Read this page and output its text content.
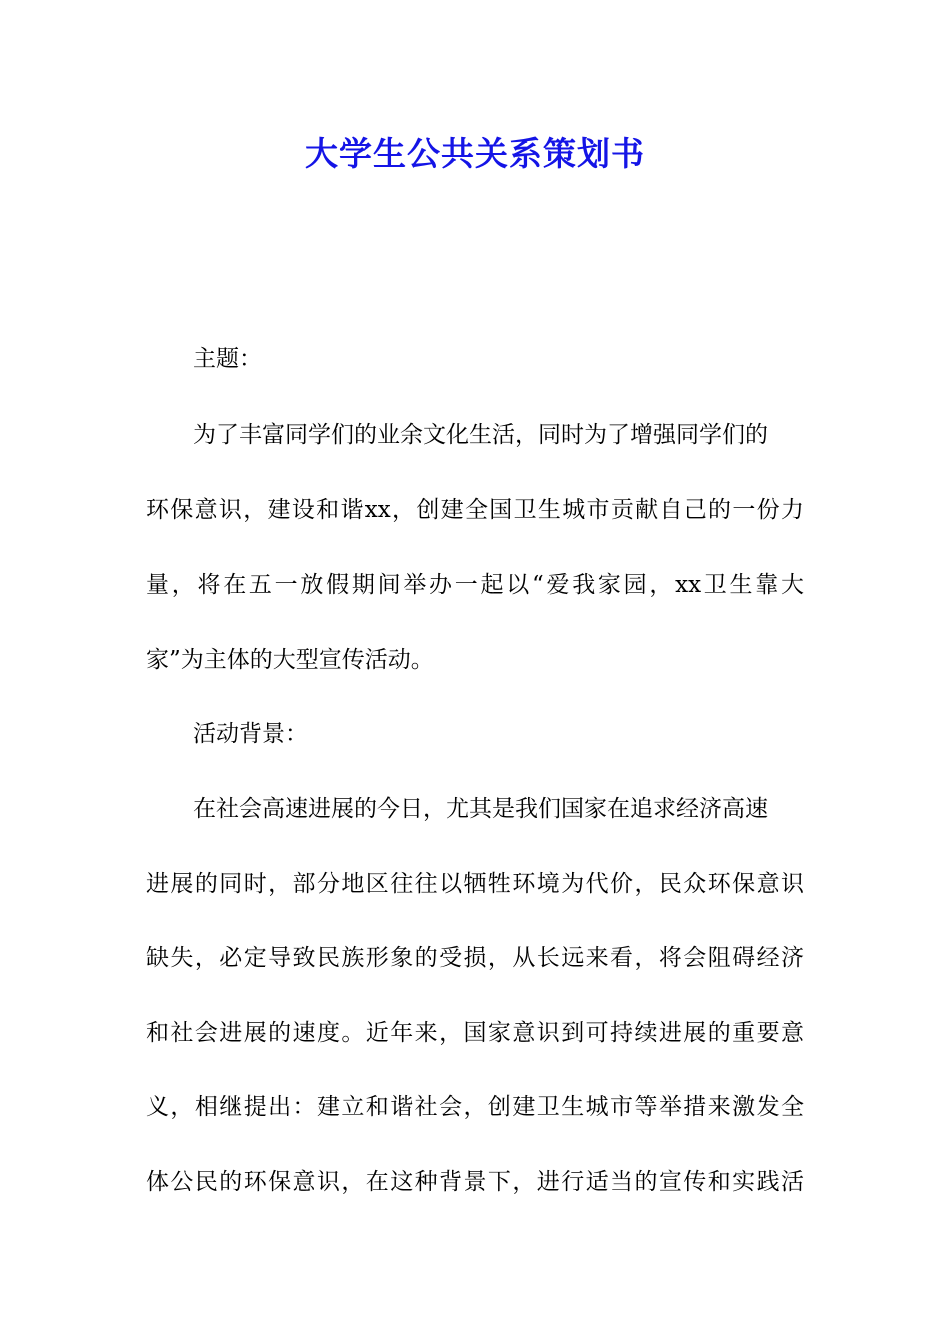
大学生公共关系策划书

主题：

为了丰富同学们的业余文化生活，同时为了增强同学们的

环保意识，建设和谐xx，创建全国卫生城市贡献自己的一份力

量，将在五一放假期间举办一起以“爱我家园，xx卫生靠大

家”为主体的大型宣传活动。

活动背景：

在社会高速进展的今日，尤其是我们国家在追求经济高速

进展的同时，部分地区往往以牺牲环境为代价，民众环保意识

缺失，必定导致民族形象的受损，从长远来看，将会阻碍经济

和社会进展的速度。近年来，国家意识到可持续进展的重要意

义，相继提出：建立和谐社会，创建卫生城市等举措来激发全

体公民的环保意识，在这种背景下，进行适当的宣传和实践活
